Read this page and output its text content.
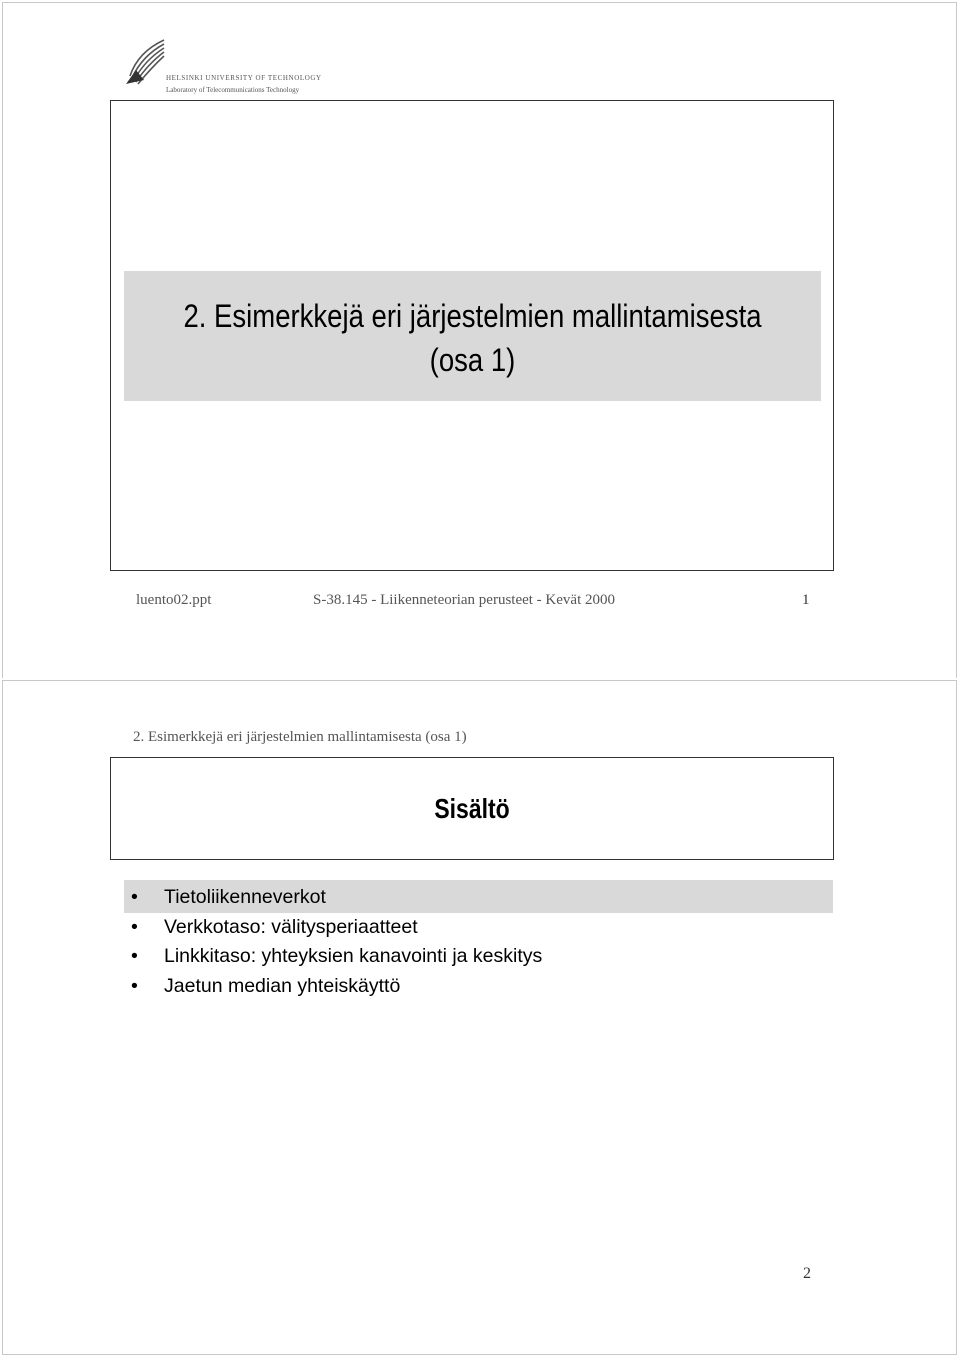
HELSINKI UNIVERSITY OF TECHNOLOGY
Laboratory of Telecommunications Technology
2. Esimerkkejä eri järjestelmien mallintamisesta
(osa 1)
luento02.ppt	S-38.145 - Liikenneteorian perusteet - Kevät 2000	1
2. Esimerkkejä eri järjestelmien mallintamisesta (osa 1)
Sisältö
• Tietoliikenneverkot
• Verkkotaso: välitysperiaatteet
• Linkkitaso: yhteyksien kanavointi ja keskitys
• Jaetun median yhteiskäyttö
2
